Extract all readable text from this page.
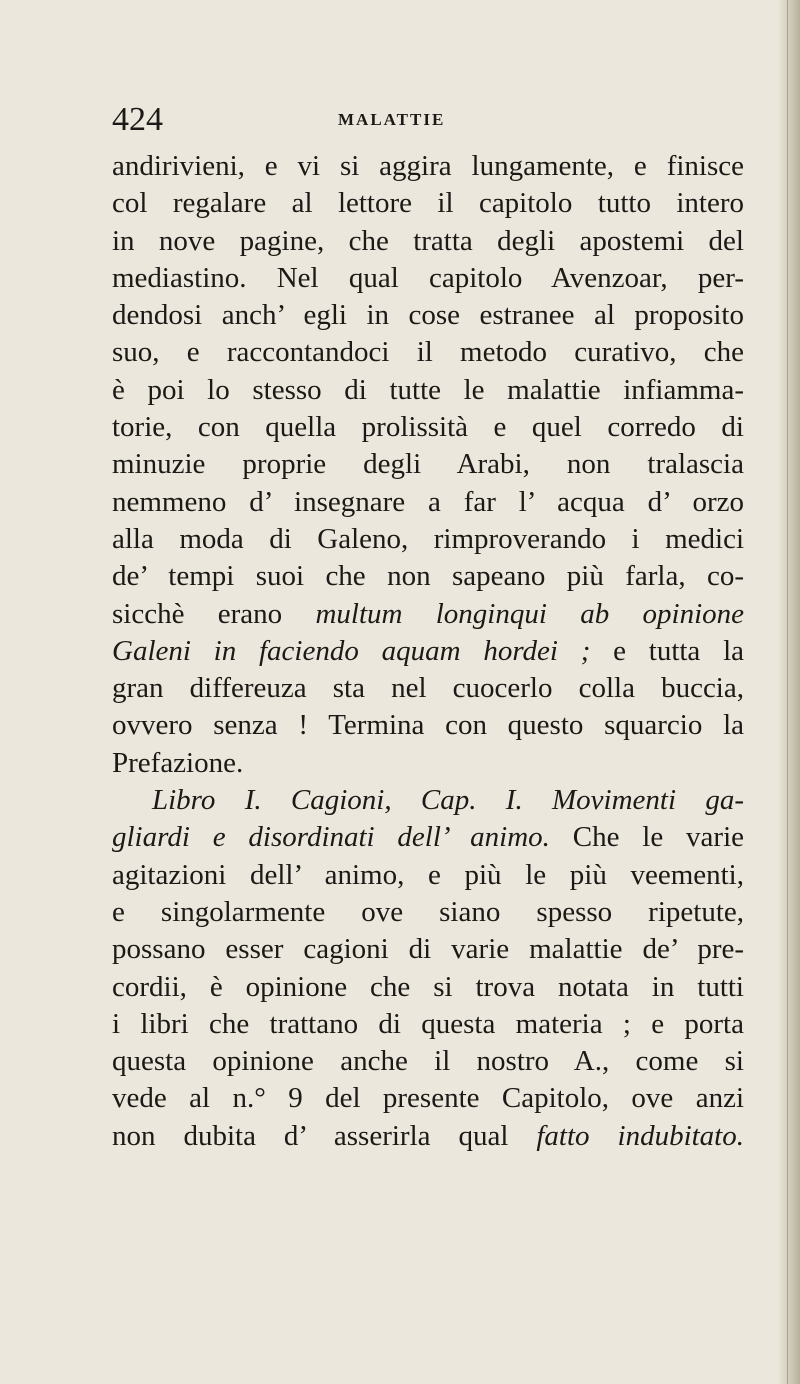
424	MALATTIE
andirivieni, e vi si aggira lungamente, e finisce
col regalare al lettore il capitolo tutto intero
in nove pagine, che tratta degli apostemi del
mediastino. Nel qual capitolo Avenzoar, per-
dendosi anch’ egli in cose estranee al proposito
suo, e raccontandoci il metodo curativo, che
è poi lo stesso di tutte le malattie infiamma-
torie, con quella prolissità e quel corredo di
minuzie proprie degli Arabi, non tralascia
nemmeno d’ insegnare a far l’ acqua d’ orzo
alla moda di Galeno, rimproverando i medici
de’ tempi suoi che non sapeano più farla, co-
sicchè erano multum longinqui ab opinione
Galeni in faciendo aquam hordei ; e tutta la
gran differeuza sta nel cuocerlo colla buccia,
ovvero senza ! Termina con questo squarcio la
Prefazione.
Libro I. Cagioni, Cap. I. Movimenti ga-
gliardi e disordinati dell’ animo. Che le varie
agitazioni dell’ animo, e più le più veementi,
e singolarmente ove siano spesso ripetute,
possano esser cagioni di varie malattie de’ pre-
cordii, è opinione che si trova notata in tutti
i libri che trattano di questa materia ; e porta
questa opinione anche il nostro A., come si
vede al n.° 9 del presente Capitolo, ove anzi
non dubita d’ asserirla qual fatto indubitato.
